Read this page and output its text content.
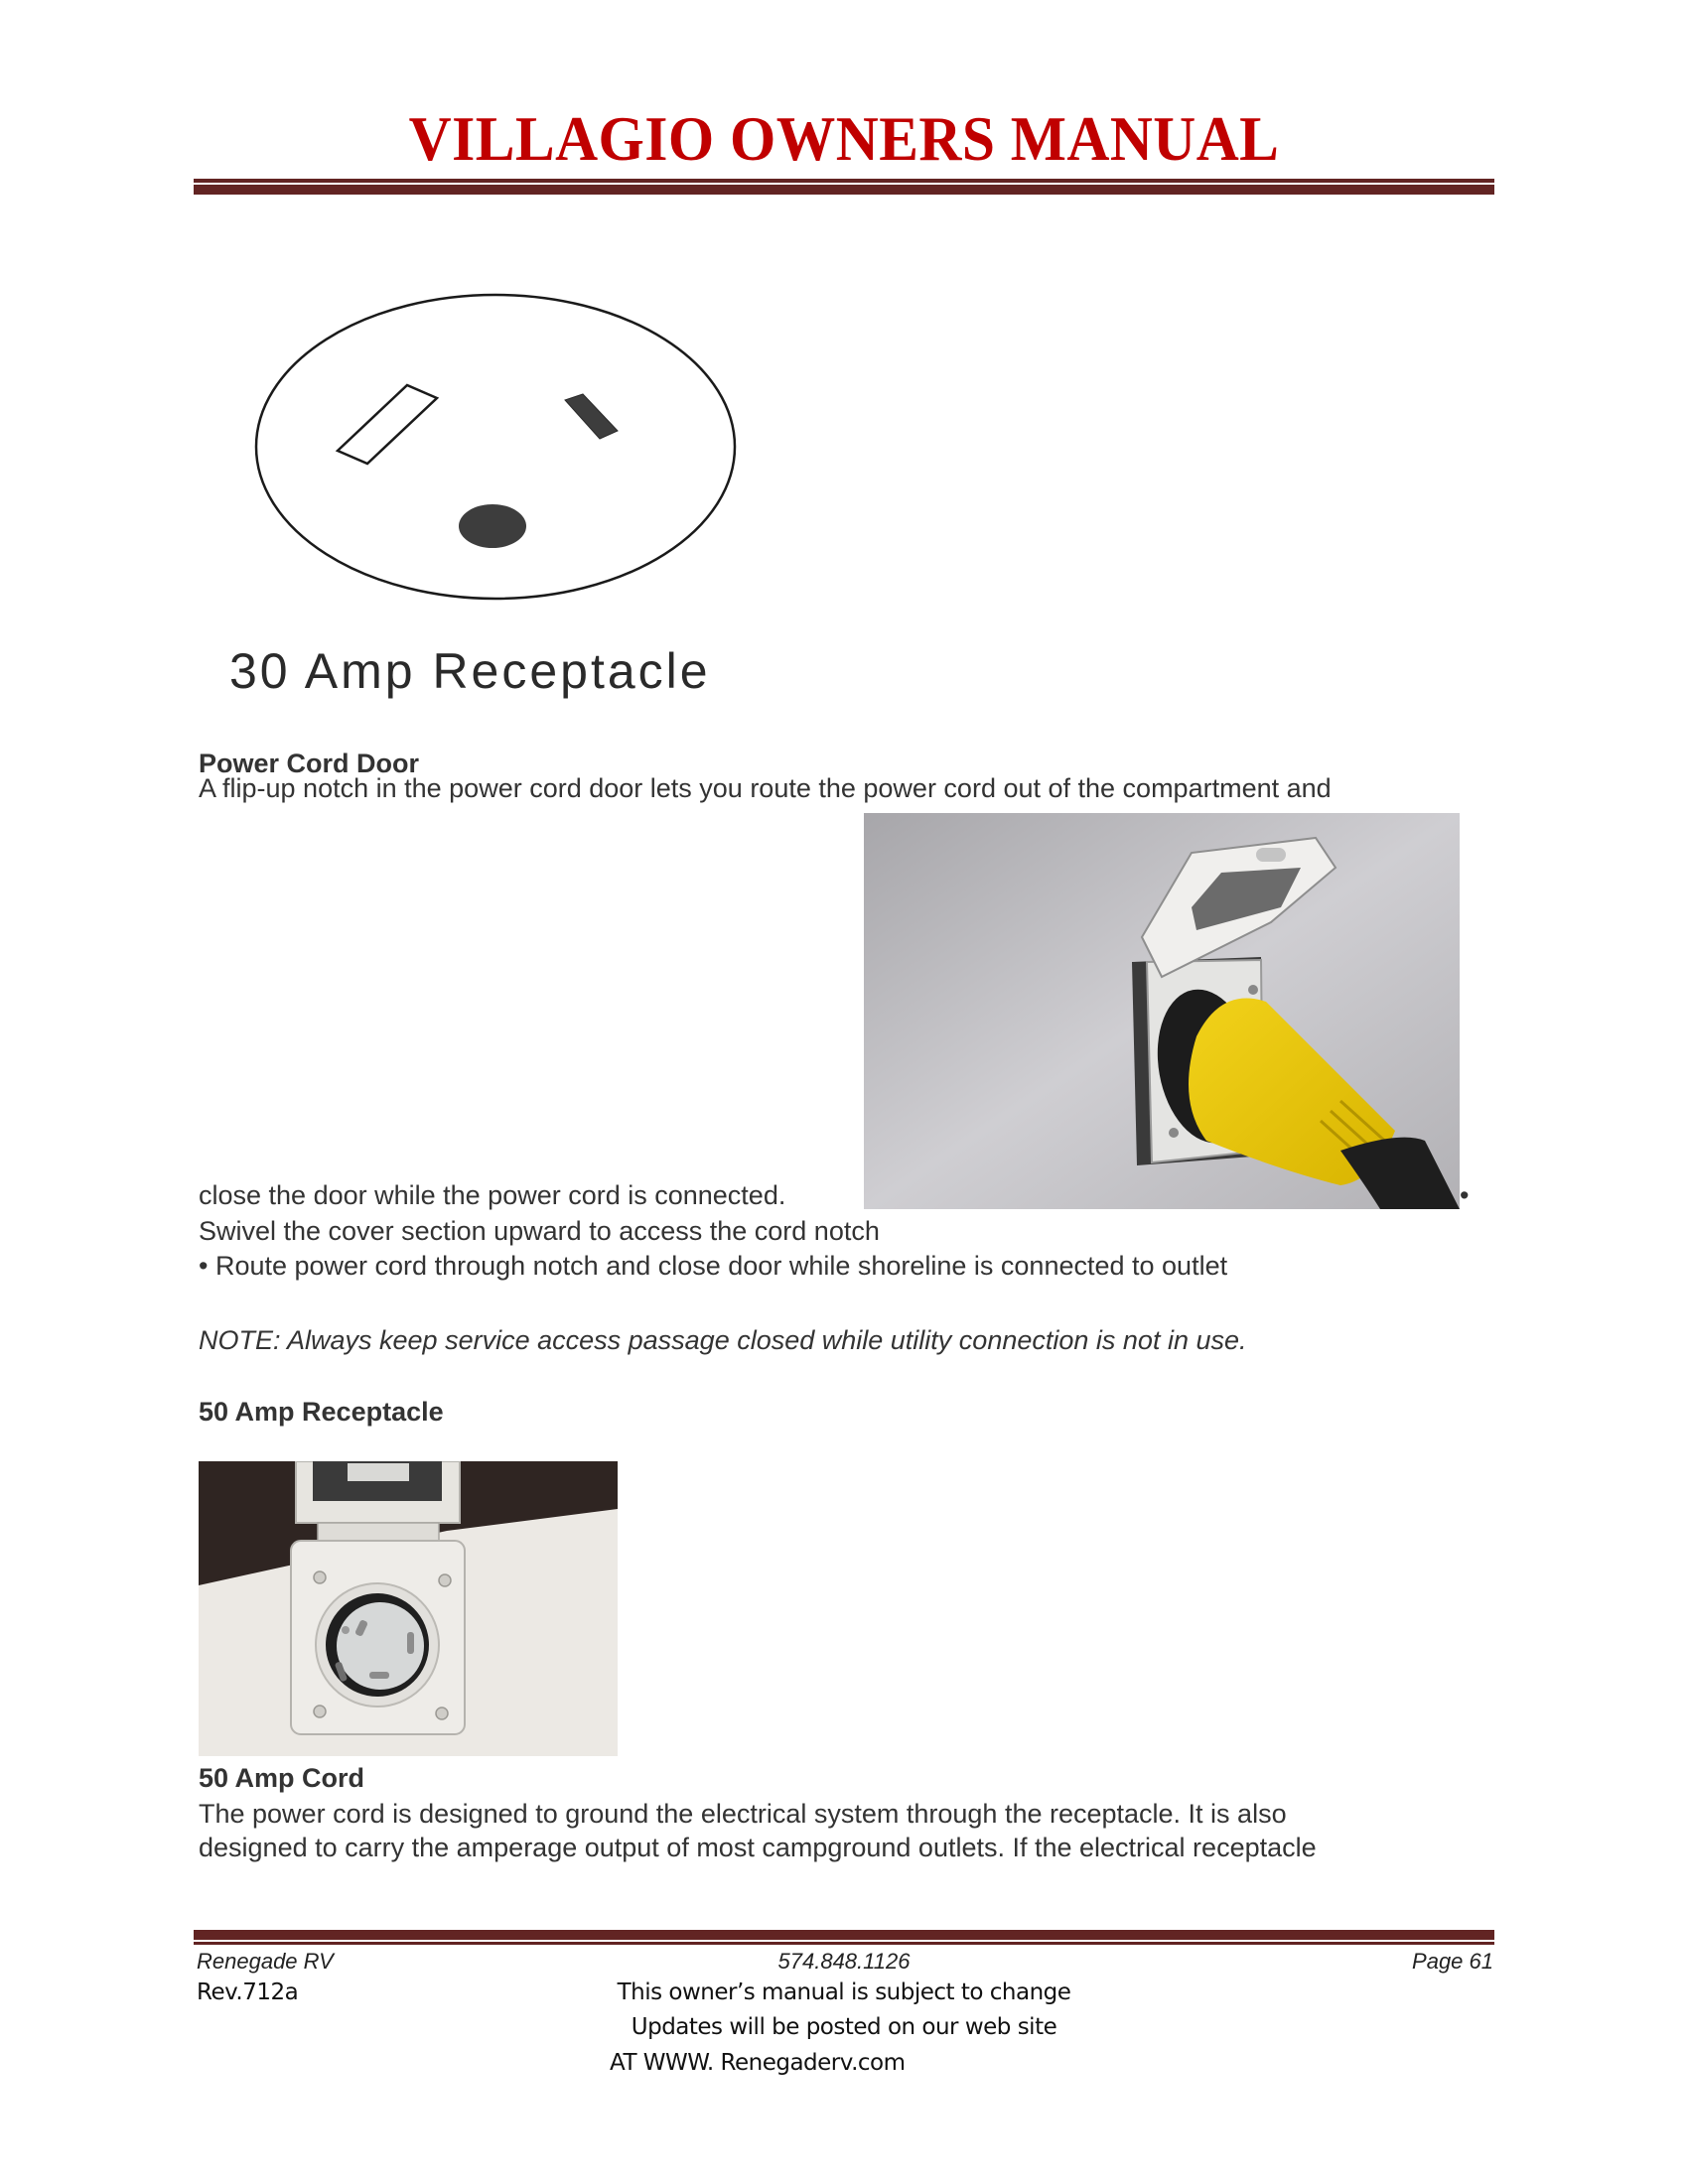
VILLAGIO OWNERS MANUAL
30 Amp Receptacle
Power Cord Door
A flip-up notch in the power cord door lets you route the power cord out of the compartment and
close the door while the power cord is connected.	•
Swivel the cover section upward to access the cord notch
• Route power cord through notch and close door while shoreline is connected to outlet
NOTE: Always keep service access passage closed while utility connection is not in use.
50 Amp Receptacle
50 Amp Cord
The power cord is designed to ground the electrical system through the receptacle. It is also
designed to carry the amperage output of most campground outlets. If the electrical receptacle
Renegade RV	574.848.1126	Page 61
Rev.712a	This owner’s manual is subject to change
Updates will be posted on our web site
AT WWW. Renegaderv.com
